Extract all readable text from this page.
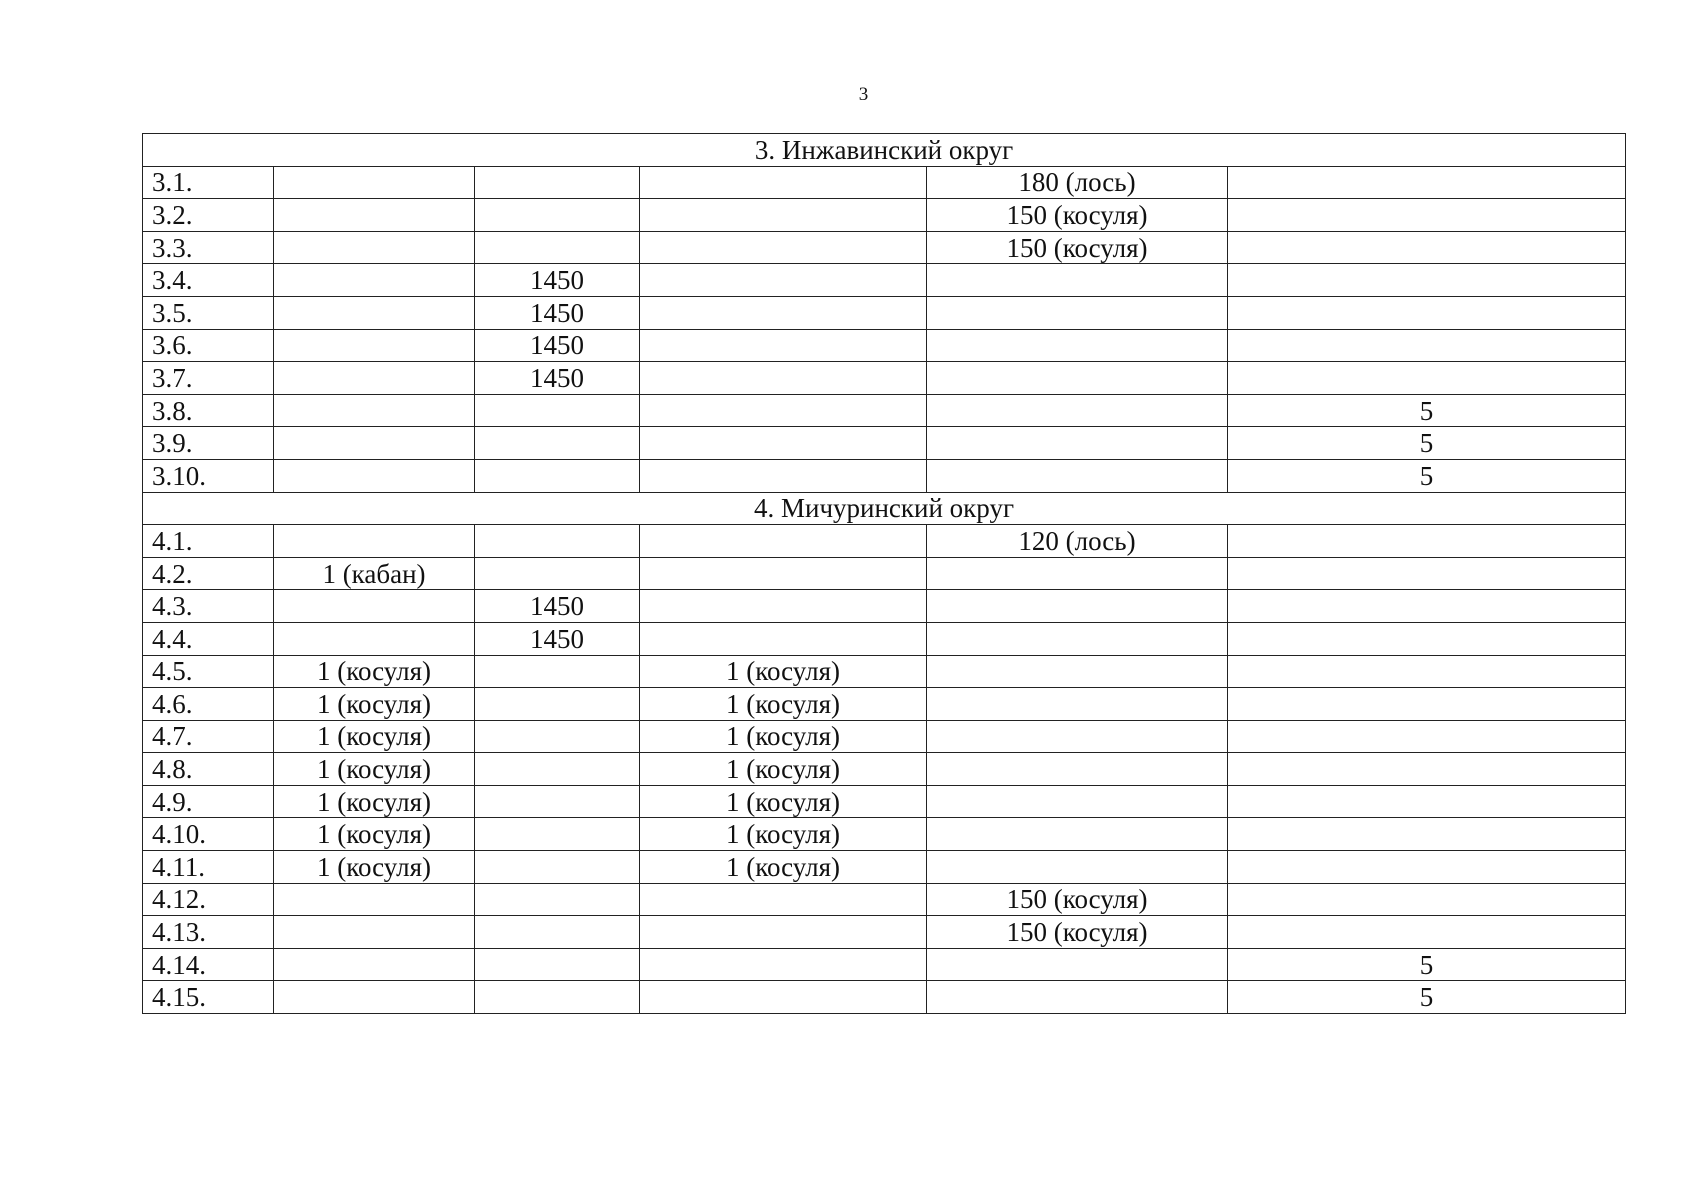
3
3. Инжавинский округ					
3.1.				180 (лось)	
3.2.				150 (косуля)	
3.3.				150 (косуля)	
3.4.		1450			
3.5.		1450			
3.6.		1450			
3.7.		1450			
3.8.					5
3.9.					5
3.10.					5
4. Мичуринский округ					
4.1.				120 (лось)	
4.2.	1 (кабан)				
4.3.		1450			
4.4.		1450			
4.5.	1 (косуля)		1 (косуля)		
4.6.	1 (косуля)		1 (косуля)		
4.7.	1 (косуля)		1 (косуля)		
4.8.	1 (косуля)		1 (косуля)		
4.9.	1 (косуля)		1 (косуля)		
4.10.	1 (косуля)		1 (косуля)		
4.11.	1 (косуля)		1 (косуля)		
4.12.				150 (косуля)	
4.13.				150 (косуля)	
4.14.					5
4.15.					5
